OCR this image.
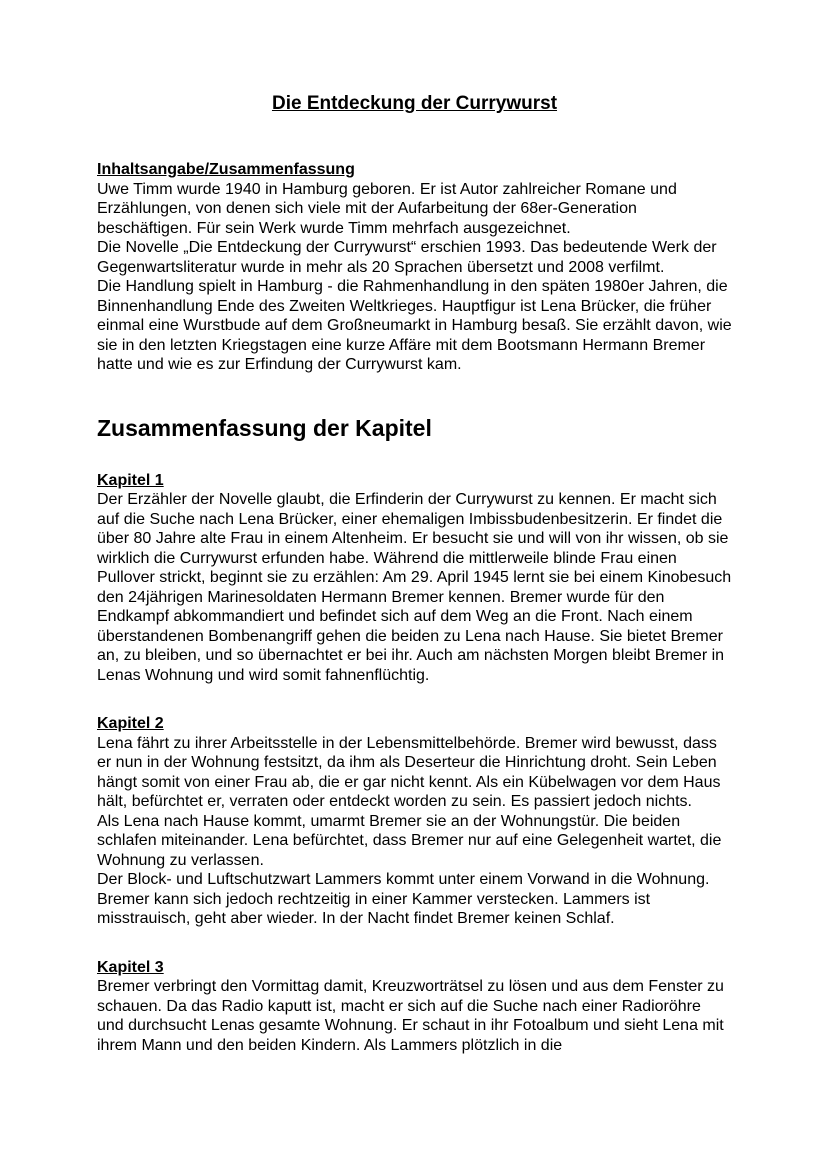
Die Entdeckung der Currywurst
Inhaltsangabe/Zusammenfassung

Uwe Timm wurde 1940 in Hamburg geboren. Er ist Autor zahlreicher Romane und Erzählungen, von denen sich viele mit der Aufarbeitung der 68er-Generation beschäftigen. Für sein Werk wurde Timm mehrfach ausgezeichnet.

Die Novelle „Die Entdeckung der Currywurst“ erschien 1993. Das bedeutende Werk der Gegenwartsliteratur wurde in mehr als 20 Sprachen übersetzt und 2008 verfilmt.

Die Handlung spielt in Hamburg - die Rahmenhandlung in den späten 1980er Jahren, die Binnenhandlung Ende des Zweiten Weltkrieges. Hauptfigur ist Lena Brücker, die früher einmal eine Wurstbude auf dem Großneumarkt in Hamburg besaß. Sie erzählt davon, wie sie in den letzten Kriegstagen eine kurze Affäre mit dem Bootsmann Hermann Bremer hatte und wie es zur Erfindung der Currywurst kam.

Zusammenfassung der Kapitel
Kapitel 1

Der Erzähler der Novelle glaubt, die Erfinderin der Currywurst zu kennen. Er macht sich auf die Suche nach Lena Brücker, einer ehemaligen Imbissbudenbesitzerin. Er findet die über 80 Jahre alte Frau in einem Altenheim. Er besucht sie und will von ihr wissen, ob sie wirklich die Currywurst erfunden habe. Während die mittlerweile blinde Frau einen Pullover strickt, beginnt sie zu erzählen: Am 29. April 1945 lernt sie bei einem Kinobesuch den 24jährigen Marinesoldaten Hermann Bremer kennen. Bremer wurde für den Endkampf abkommandiert und befindet sich auf dem Weg an die Front. Nach einem überstandenen Bombenangriff gehen die beiden zu Lena nach Hause. Sie bietet Bremer an, zu bleiben, und so übernachtet er bei ihr. Auch am nächsten Morgen bleibt Bremer in Lenas Wohnung und wird somit fahnenflüchtig.

Kapitel 2

Lena fährt zu ihrer Arbeitsstelle in der Lebensmittelbehörde. Bremer wird bewusst, dass er nun in der Wohnung festsitzt, da ihm als Deserteur die Hinrichtung droht. Sein Leben hängt somit von einer Frau ab, die er gar nicht kennt. Als ein Kübelwagen vor dem Haus hält, befürchtet er, verraten oder entdeckt worden zu sein. Es passiert jedoch nichts.

Als Lena nach Hause kommt, umarmt Bremer sie an der Wohnungstür. Die beiden schlafen miteinander. Lena befürchtet, dass Bremer nur auf eine Gelegenheit wartet, die Wohnung zu verlassen.

Der Block- und Luftschutzwart Lammers kommt unter einem Vorwand in die Wohnung. Bremer kann sich jedoch rechtzeitig in einer Kammer verstecken. Lammers ist misstrauisch, geht aber wieder. In der Nacht findet Bremer keinen Schlaf.

Kapitel 3

Bremer verbringt den Vormittag damit, Kreuzworträtsel zu lösen und aus dem Fenster zu schauen. Da das Radio kaputt ist, macht er sich auf die Suche nach einer Radioröhre und durchsucht Lenas gesamte Wohnung. Er schaut in ihr Fotoalbum und sieht Lena mit ihrem Mann und den beiden Kindern. Als Lammers plötzlich in die
